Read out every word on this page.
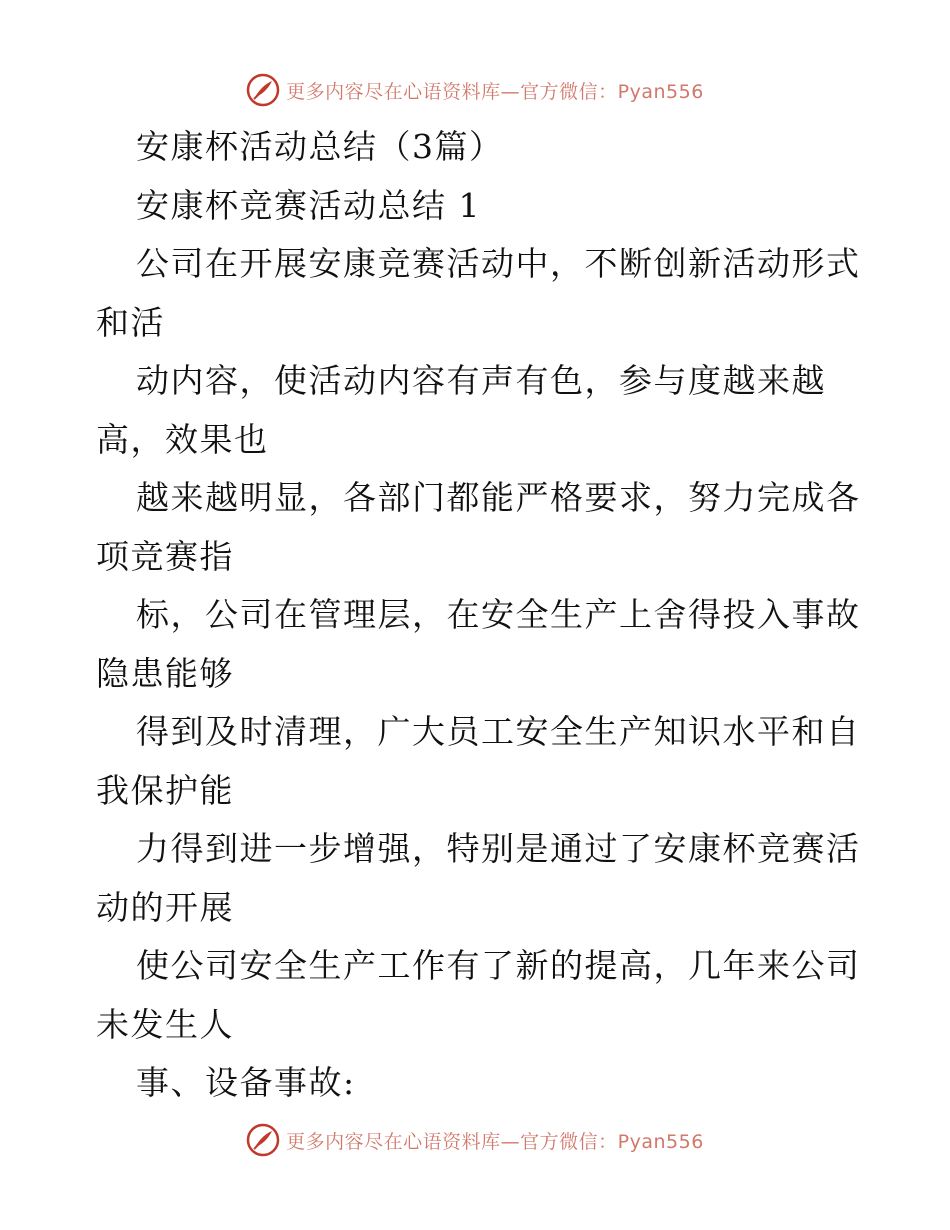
更多内容尽在心语资料库—官方微信：Pyan556
安康杯活动总结（3篇）
安康杯竞赛活动总结 1
公司在开展安康竞赛活动中，不断创新活动形式
和活
动内容，使活动内容有声有色，参与度越来越
高，效果也
越来越明显，各部门都能严格要求，努力完成各
项竞赛指
标，公司在管理层，在安全生产上舍得投入事故
隐患能够
得到及时清理，广大员工安全生产知识水平和自
我保护能
力得到进一步增强，特别是通过了安康杯竞赛活
动的开展
使公司安全生产工作有了新的提高，几年来公司
未发生人
事、设备事故:
更多内容尽在心语资料库—官方微信：Pyan556
